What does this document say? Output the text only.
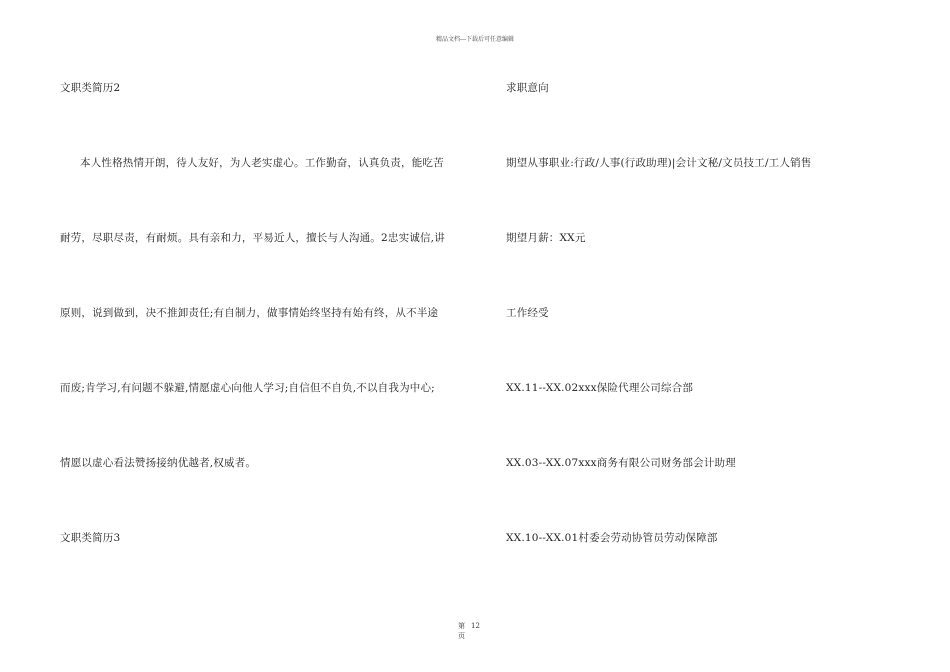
精品文档---下载后可任意编辑
文职类简历2
本人性格热情开朗，待人友好，为人老实虚心。工作勤奋，认真负责，能吃苦
耐劳，尽职尽责，有耐烦。具有亲和力，平易近人，擅长与人沟通。2忠实诚信,讲
原则，说到做到，决不推卸责任;有自制力，做事情始终坚持有始有终，从不半途
而废;肯学习,有问题不躲避,情愿虚心向他人学习;自信但不自负,不以自我为中心;
情愿以虚心看法赞扬接纳优越者,权威者。
文职类简历3
求职意向
期望从事职业:行政/人事(行政助理)|会计文秘/文员技工/工人销售
期望月薪：XX元
工作经受
XX.11--XX.02xxx保险代理公司综合部
XX.03--XX.07xxx商务有限公司财务部会计助理
XX.10--XX.01村委会劳动协管员劳动保障部
第 12
页
